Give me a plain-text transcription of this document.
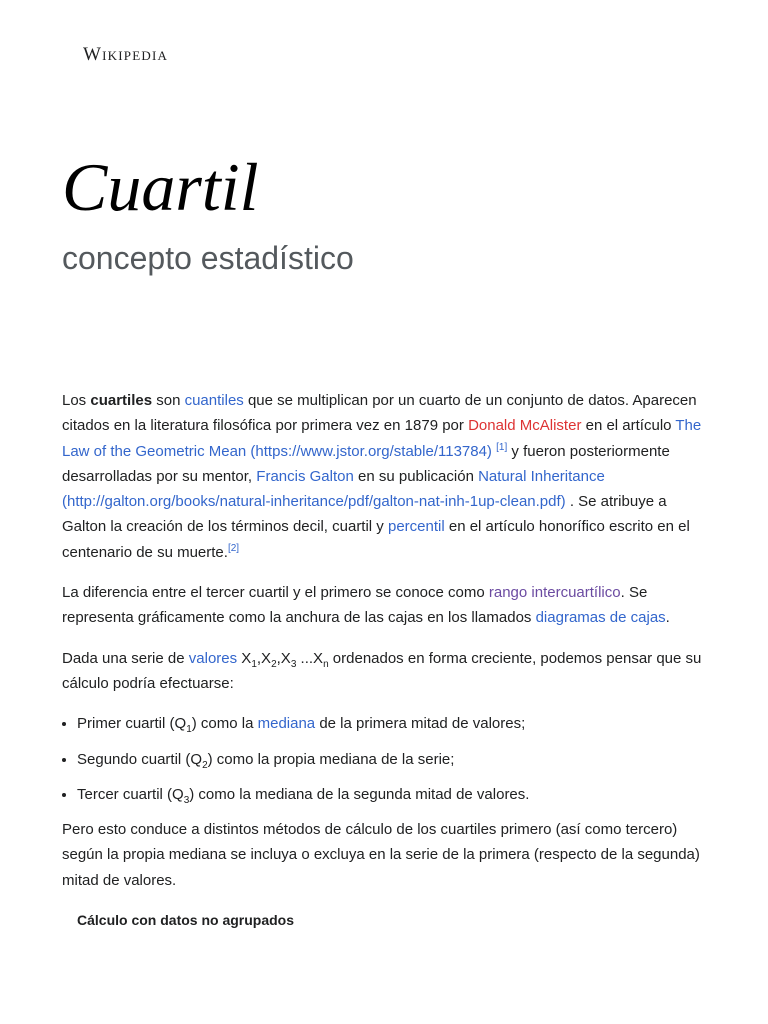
Wikipedia
Cuartil
concepto estadístico

Los cuartiles son cuantiles que se multiplican por un cuarto de un conjunto de datos. Aparecen citados en la literatura filosófica por primera vez en 1879 por Donald McAlister en el artículo The Law of the Geometric Mean (https://www.jstor.org/stable/113784) [1] y fueron posteriormente desarrolladas por su mentor, Francis Galton en su publicación Natural Inheritance (http://galton.org/books/natural-inheritance/pdf/galton-nat-inh-1up-clean.pdf) . Se atribuye a Galton la creación de los términos decil, cuartil y percentil en el artículo honorífico escrito en el centenario de su muerte.[2]

La diferencia entre el tercer cuartil y el primero se conoce como rango intercuartílico. Se representa gráficamente como la anchura de las cajas en los llamados diagramas de cajas.

Dada una serie de valores $X_1,X_2,X_3$ $...X_n$ ordenados en forma creciente, podemos pensar que su cálculo podría efectuarse:

• Primer cuartil $(Q_1)$ como la mediana de la primera mitad de valores;
• Segundo cuartil $(Q_2)$ como la propia mediana de la serie;
• Tercer cuartil $(Q_3)$ como la mediana de la segunda mitad de valores.

Pero esto conduce a distintos métodos de cálculo de los cuartiles primero (así como tercero) según la propia mediana se incluya o excluya en la serie de la primera (respecto de la segunda) mitad de valores.

Cálculo con datos no agrupados
